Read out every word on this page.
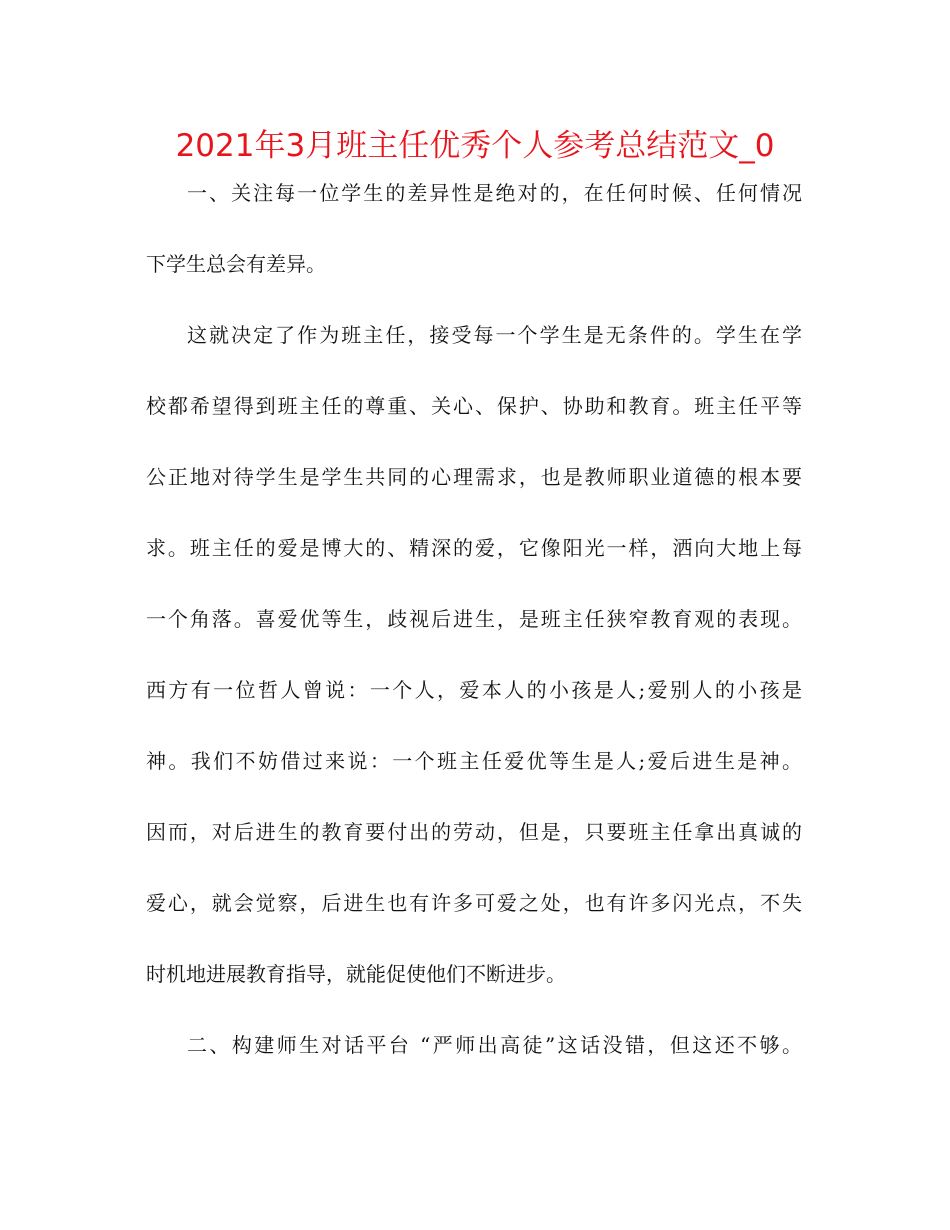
2021年3月班主任优秀个人参考总结范文_0
一、关注每一位学生的差异性是绝对的，在任何时候、任何情况
下学生总会有差异。
这就决定了作为班主任，接受每一个学生是无条件的。学生在学
校都希望得到班主任的尊重、关心、保护、协助和教育。班主任平等
公正地对待学生是学生共同的心理需求，也是教师职业道德的根本要
求。班主任的爱是博大的、精深的爱，它像阳光一样，洒向大地上每
一个角落。喜爱优等生，歧视后进生，是班主任狭窄教育观的表现。
西方有一位哲人曾说：一个人，爱本人的小孩是人;爱别人的小孩是
神。我们不妨借过来说：一个班主任爱优等生是人;爱后进生是神。
因而，对后进生的教育要付出的劳动，但是，只要班主任拿出真诚的
爱心，就会觉察，后进生也有许多可爱之处，也有许多闪光点，不失
时机地进展教育指导，就能促使他们不断进步。
二、构建师生对话平台 “严师出高徒”这话没错，但这还不够。
